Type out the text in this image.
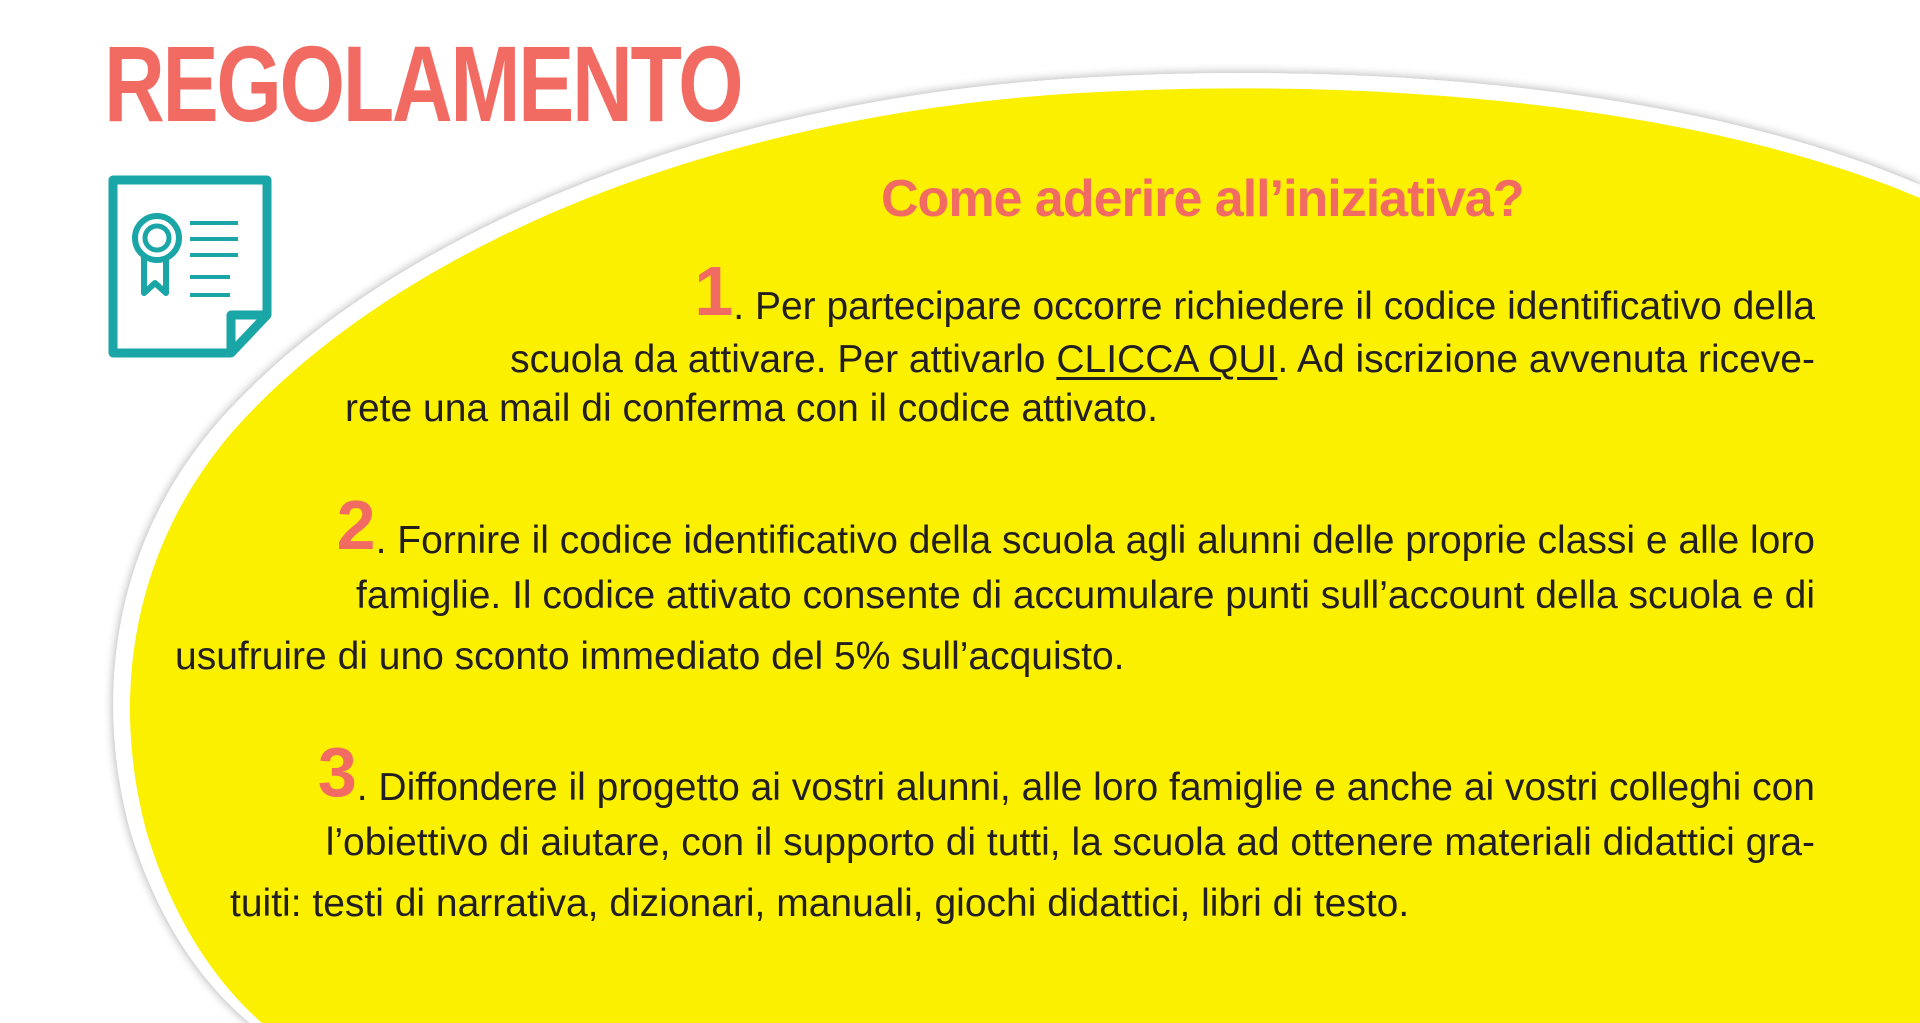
REGOLAMENTO
Come aderire all’iniziativa?
1 . Per partecipare occorre richiedere il codice identificativo della
scuola da attivare. Per attivarlo CLICCA QUI. Ad iscrizione avvenuta riceve-

rete una mail di conferma con il codice attivato.

2 . Fornire il codice identificativo della scuola agli alunni delle proprie classi e alle loro
famiglie. Il codice attivato consente di accumulare punti sull’account della scuola e di

usufruire di uno sconto immediato del 5% sull’acquisto.

3 . Diffondere il progetto ai vostri alunni, alle loro famiglie e anche ai vostri colleghi con
l’obiettivo di aiutare, con il supporto di tutti, la scuola ad ottenere materiali didattici gra-

tuiti: testi di narrativa, dizionari, manuali, giochi didattici, libri di testo.
